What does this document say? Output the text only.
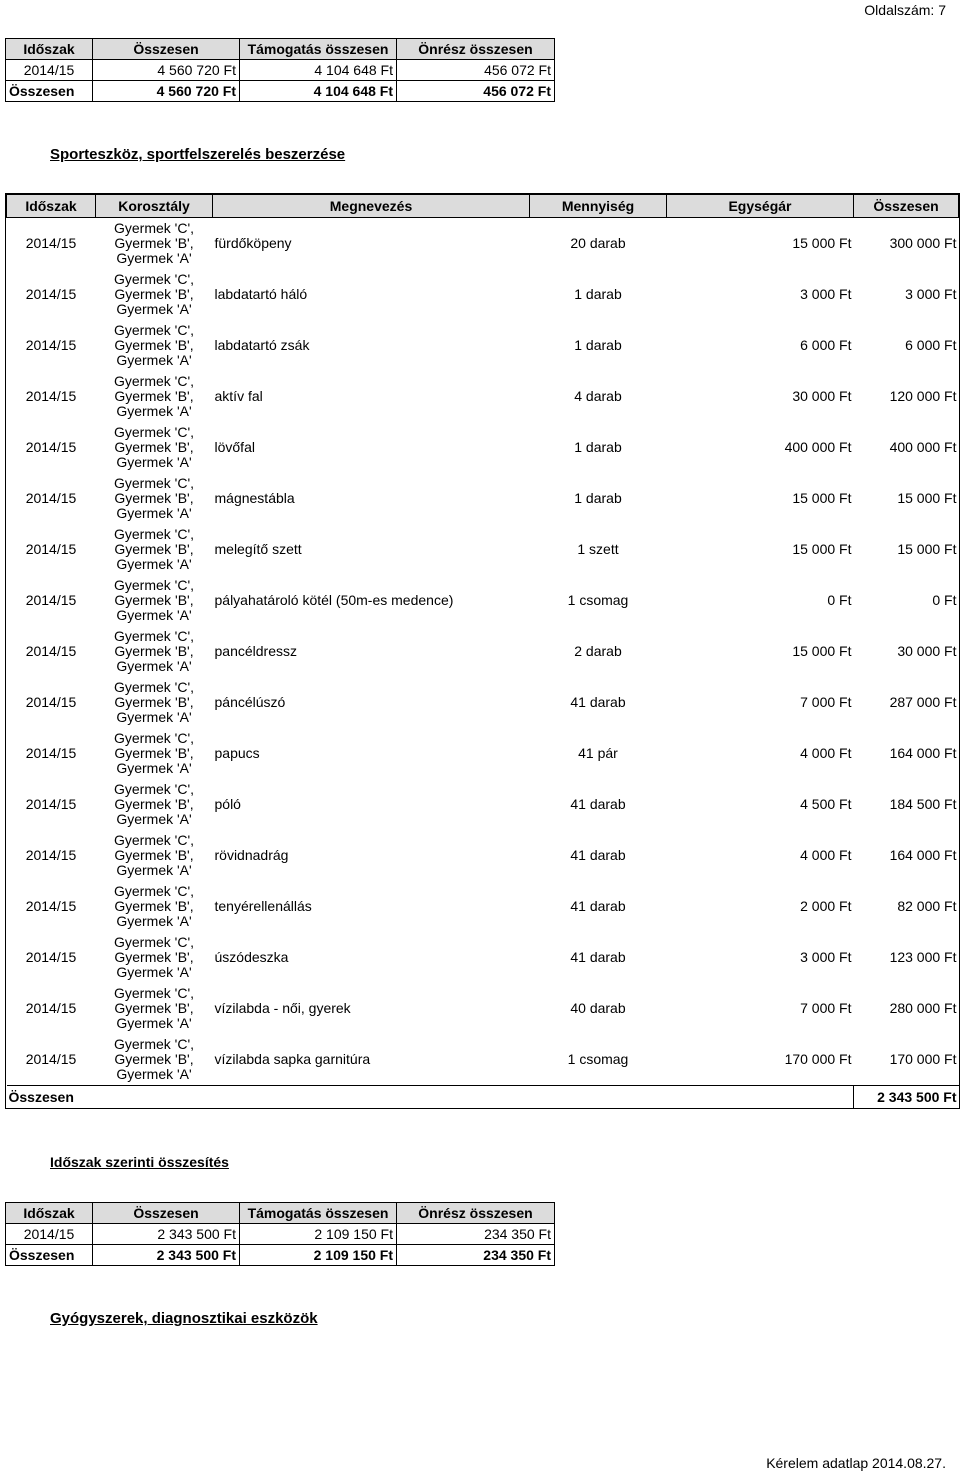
Oldalszám: 7
Időszak	Összesen	Támogatás összesen	Önrész összesen
2014/15	4 560 720 Ft	4 104 648 Ft	456 072 Ft
Összesen	4 560 720 Ft	4 104 648 Ft	456 072 Ft
Sporteszköz, sportfelszerelés beszerzése
Időszak	Korosztály	Megnevezés	Mennyiség	Egységár	Összesen
2014/15	Gyermek 'C',
Gyermek 'B',
Gyermek 'A'	fürdőköpeny	20 darab	15 000 Ft	300 000 Ft
2014/15	Gyermek 'C',
Gyermek 'B',
Gyermek 'A'	labdatartó háló	1 darab	3 000 Ft	3 000 Ft
2014/15	Gyermek 'C',
Gyermek 'B',
Gyermek 'A'	labdatartó zsák	1 darab	6 000 Ft	6 000 Ft
2014/15	Gyermek 'C',
Gyermek 'B',
Gyermek 'A'	aktív fal	4 darab	30 000 Ft	120 000 Ft
2014/15	Gyermek 'C',
Gyermek 'B',
Gyermek 'A'	lövőfal	1 darab	400 000 Ft	400 000 Ft
2014/15	Gyermek 'C',
Gyermek 'B',
Gyermek 'A'	mágnestábla	1 darab	15 000 Ft	15 000 Ft
2014/15	Gyermek 'C',
Gyermek 'B',
Gyermek 'A'	melegítő szett	1 szett	15 000 Ft	15 000 Ft
2014/15	Gyermek 'C',
Gyermek 'B',
Gyermek 'A'	pályahatároló kötél (50m-es medence)	1 csomag	0 Ft	0 Ft
2014/15	Gyermek 'C',
Gyermek 'B',
Gyermek 'A'	pancéldressz	2 darab	15 000 Ft	30 000 Ft
2014/15	Gyermek 'C',
Gyermek 'B',
Gyermek 'A'	páncélúszó	41 darab	7 000 Ft	287 000 Ft
2014/15	Gyermek 'C',
Gyermek 'B',
Gyermek 'A'	papucs	41 pár	4 000 Ft	164 000 Ft
2014/15	Gyermek 'C',
Gyermek 'B',
Gyermek 'A'	póló	41 darab	4 500 Ft	184 500 Ft
2014/15	Gyermek 'C',
Gyermek 'B',
Gyermek 'A'	rövidnadrág	41 darab	4 000 Ft	164 000 Ft
2014/15	Gyermek 'C',
Gyermek 'B',
Gyermek 'A'	tenyérellenállás	41 darab	2 000 Ft	82 000 Ft
2014/15	Gyermek 'C',
Gyermek 'B',
Gyermek 'A'	úszódeszka	41 darab	3 000 Ft	123 000 Ft
2014/15	Gyermek 'C',
Gyermek 'B',
Gyermek 'A'	vízilabda - női, gyerek	40 darab	7 000 Ft	280 000 Ft
2014/15	Gyermek 'C',
Gyermek 'B',
Gyermek 'A'	vízilabda sapka garnitúra	1 csomag	170 000 Ft	170 000 Ft
Összesen					2 343 500 Ft
Időszak szerinti összesítés
Időszak	Összesen	Támogatás összesen	Önrész összesen
2014/15	2 343 500 Ft	2 109 150 Ft	234 350 Ft
Összesen	2 343 500 Ft	2 109 150 Ft	234 350 Ft
Gyógyszerek, diagnosztikai eszközök
Kérelem adatlap 2014.08.27.
